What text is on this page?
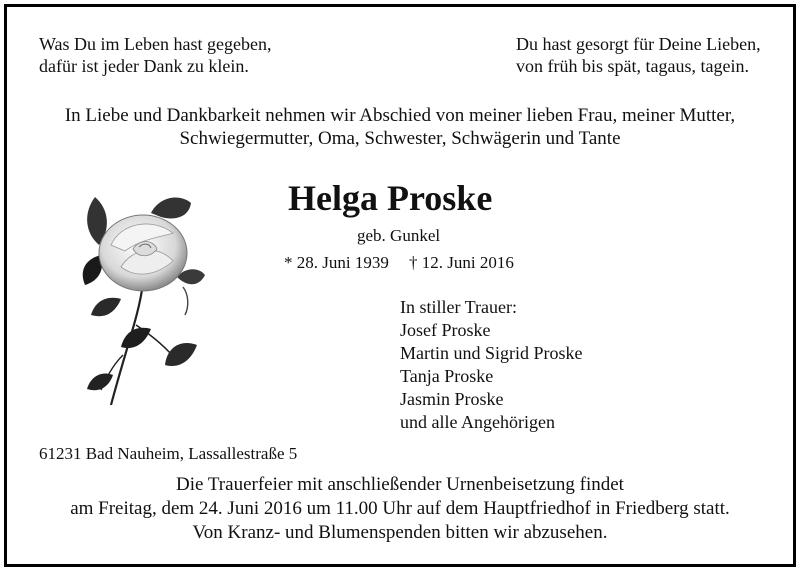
Was Du im Leben hast gegeben,
dafür ist jeder Dank zu klein.
Du hast gesorgt für Deine Lieben,
von früh bis spät, tagaus, tagein.
In Liebe und Dankbarkeit nehmen wir Abschied von meiner lieben Frau, meiner Mutter,
Schwiegermutter, Oma, Schwester, Schwägerin und Tante
Helga Proske
geb. Gunkel
* 28. Juni 1939 † 12. Juni 2016
In stiller Trauer:
Josef Proske
Martin und Sigrid Proske
Tanja Proske
Jasmin Proske
und alle Angehörigen
61231 Bad Nauheim, Lassallestraße 5
Die Trauerfeier mit anschließender Urnenbeisetzung findet
am Freitag, dem 24. Juni 2016 um 11.00 Uhr auf dem Hauptfriedhof in Friedberg statt.
Von Kranz- und Blumenspenden bitten wir abzusehen.
